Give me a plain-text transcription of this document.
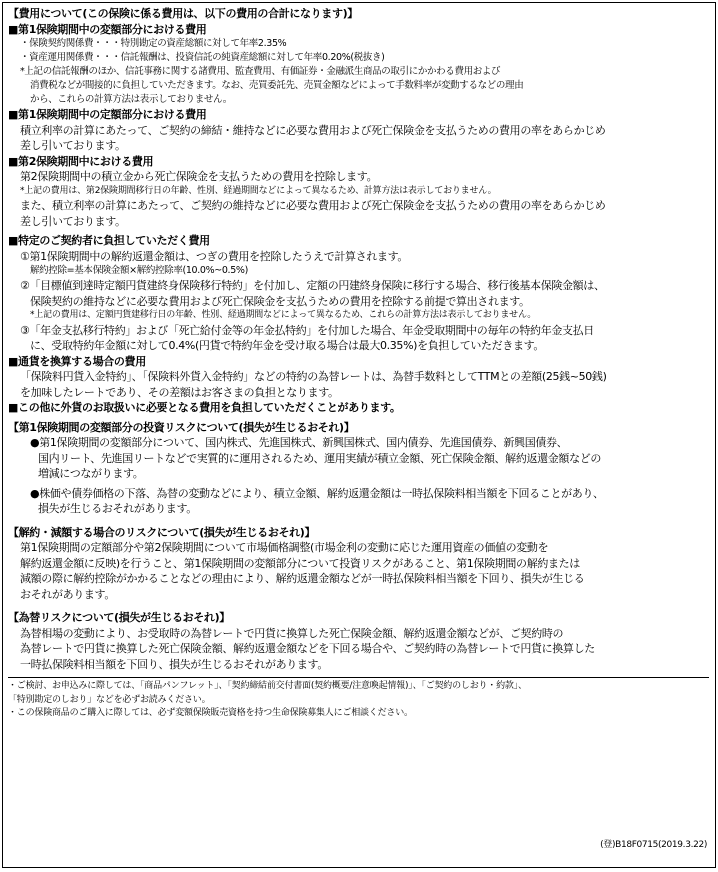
【費用について(この保険に係る費用は、以下の費用の合計になります)】
■第1保険期間中の変額部分における費用
・保険契約関係費・・・特別勘定の資産総額に対して年率2.35%
・資産運用関係費・・・信託報酬は、投資信託の純資産総額に対して年率0.20%(税抜き)
*上記の信託報酬のほか、信託事務に関する諸費用、監査費用、有価証券・金融派生商品の取引にかかわる費用および
消費税などが間接的に負担していただきます。なお、売買委託先、売買金額などによって手数料率が変動するなどの理由
から、これらの計算方法は表示しておりません。
■第1保険期間中の定額部分における費用
積立利率の計算にあたって、ご契約の締結・維持などに必要な費用および死亡保険金を支払うための費用の率をあらかじめ
差し引いております。
■第2保険期間中における費用
第2保険期間中の積立金から死亡保険金を支払うための費用を控除します。
*上記の費用は、第2保険期間移行日の年齢、性別、経過期間などによって異なるため、計算方法は表示しておりません。
また、積立利率の計算にあたって、ご契約の維持などに必要な費用および死亡保険金を支払うための費用の率をあらかじめ
差し引いております。
■特定のご契約者に負担していただく費用
①第1保険期間中の解約返還金額は、つぎの費用を控除したうえで計算されます。
解約控除=基本保険金額×解約控除率(10.0%~0.5%)
②「目標値到達時定額円貨建終身保険移行特約」を付加し、定額の円建終身保険に移行する場合、移行後基本保険金額は、
保険契約の維持などに必要な費用および死亡保険金を支払うための費用を控除する前提で算出されます。
*上記の費用は、定額円貨建移行日の年齢、性別、経過期間などによって異なるため、これらの計算方法は表示しておりません。
③「年金支払移行特約」および「死亡給付金等の年金払特約」を付加した場合、年金受取期間中の毎年の特約年金支払日
に、受取特約年金額に対して0.4%(円貨で特約年金を受け取る場合は最大0.35%)を負担していただきます。
■通貨を換算する場合の費用
「保険料円貨入金特約」、「保険料外貨入金特約」などの特約の為替レートは、為替手数料としてTTMとの差額(25銭~50銭)
を加味したレートであり、その差額はお客さまの負担となります。
■この他に外貨のお取扱いに必要となる費用を負担していただくことがあります。
【第1保険期間の変額部分の投資リスクについて(損失が生じるおそれ)】
●第1保険期間の変額部分について、国内株式、先進国株式、新興国株式、国内債券、先進国債券、新興国債券、
国内リート、先進国リートなどで実質的に運用されるため、運用実績が積立金額、死亡保険金額、解約返還金額などの
増減につながります。
●株価や債券価格の下落、為替の変動などにより、積立金額、解約返還金額は一時払保険料相当額を下回ることがあり、
損失が生じるおそれがあります。
【解約・減額する場合のリスクについて(損失が生じるおそれ)】
第1保険期間の定額部分や第2保険期間について市場価格調整(市場金利の変動に応じた運用資産の価値の変動を
解約返還金額に反映)を行うこと、第1保険期間の変額部分について投資リスクがあること、第1保険期間の解約または
減額の際に解約控除がかかることなどの理由により、解約返還金額などが一時払保険料相当額を下回り、損失が生じる
おそれがあります。
【為替リスクについて(損失が生じるおそれ)】
為替相場の変動により、お受取時の為替レートで円貨に換算した死亡保険金額、解約返還金額などが、ご契約時の
為替レートで円貨に換算した死亡保険金額、解約返還金額などを下回る場合や、ご契約時の為替レートで円貨に換算した
一時払保険料相当額を下回り、損失が生じるおそれがあります。
・ご検討、お申込みに際しては、「商品パンフレット」、「契約締結前交付書面(契約概要/注意喚起情報)」、「ご契約のしおり・約款」、
「特別勘定のしおり」などを必ずお読みください。
・この保険商品のご購入に際しては、必ず変額保険販売資格を持つ生命保険募集人にご相談ください。
(登)B18F0715(2019.3.22)
